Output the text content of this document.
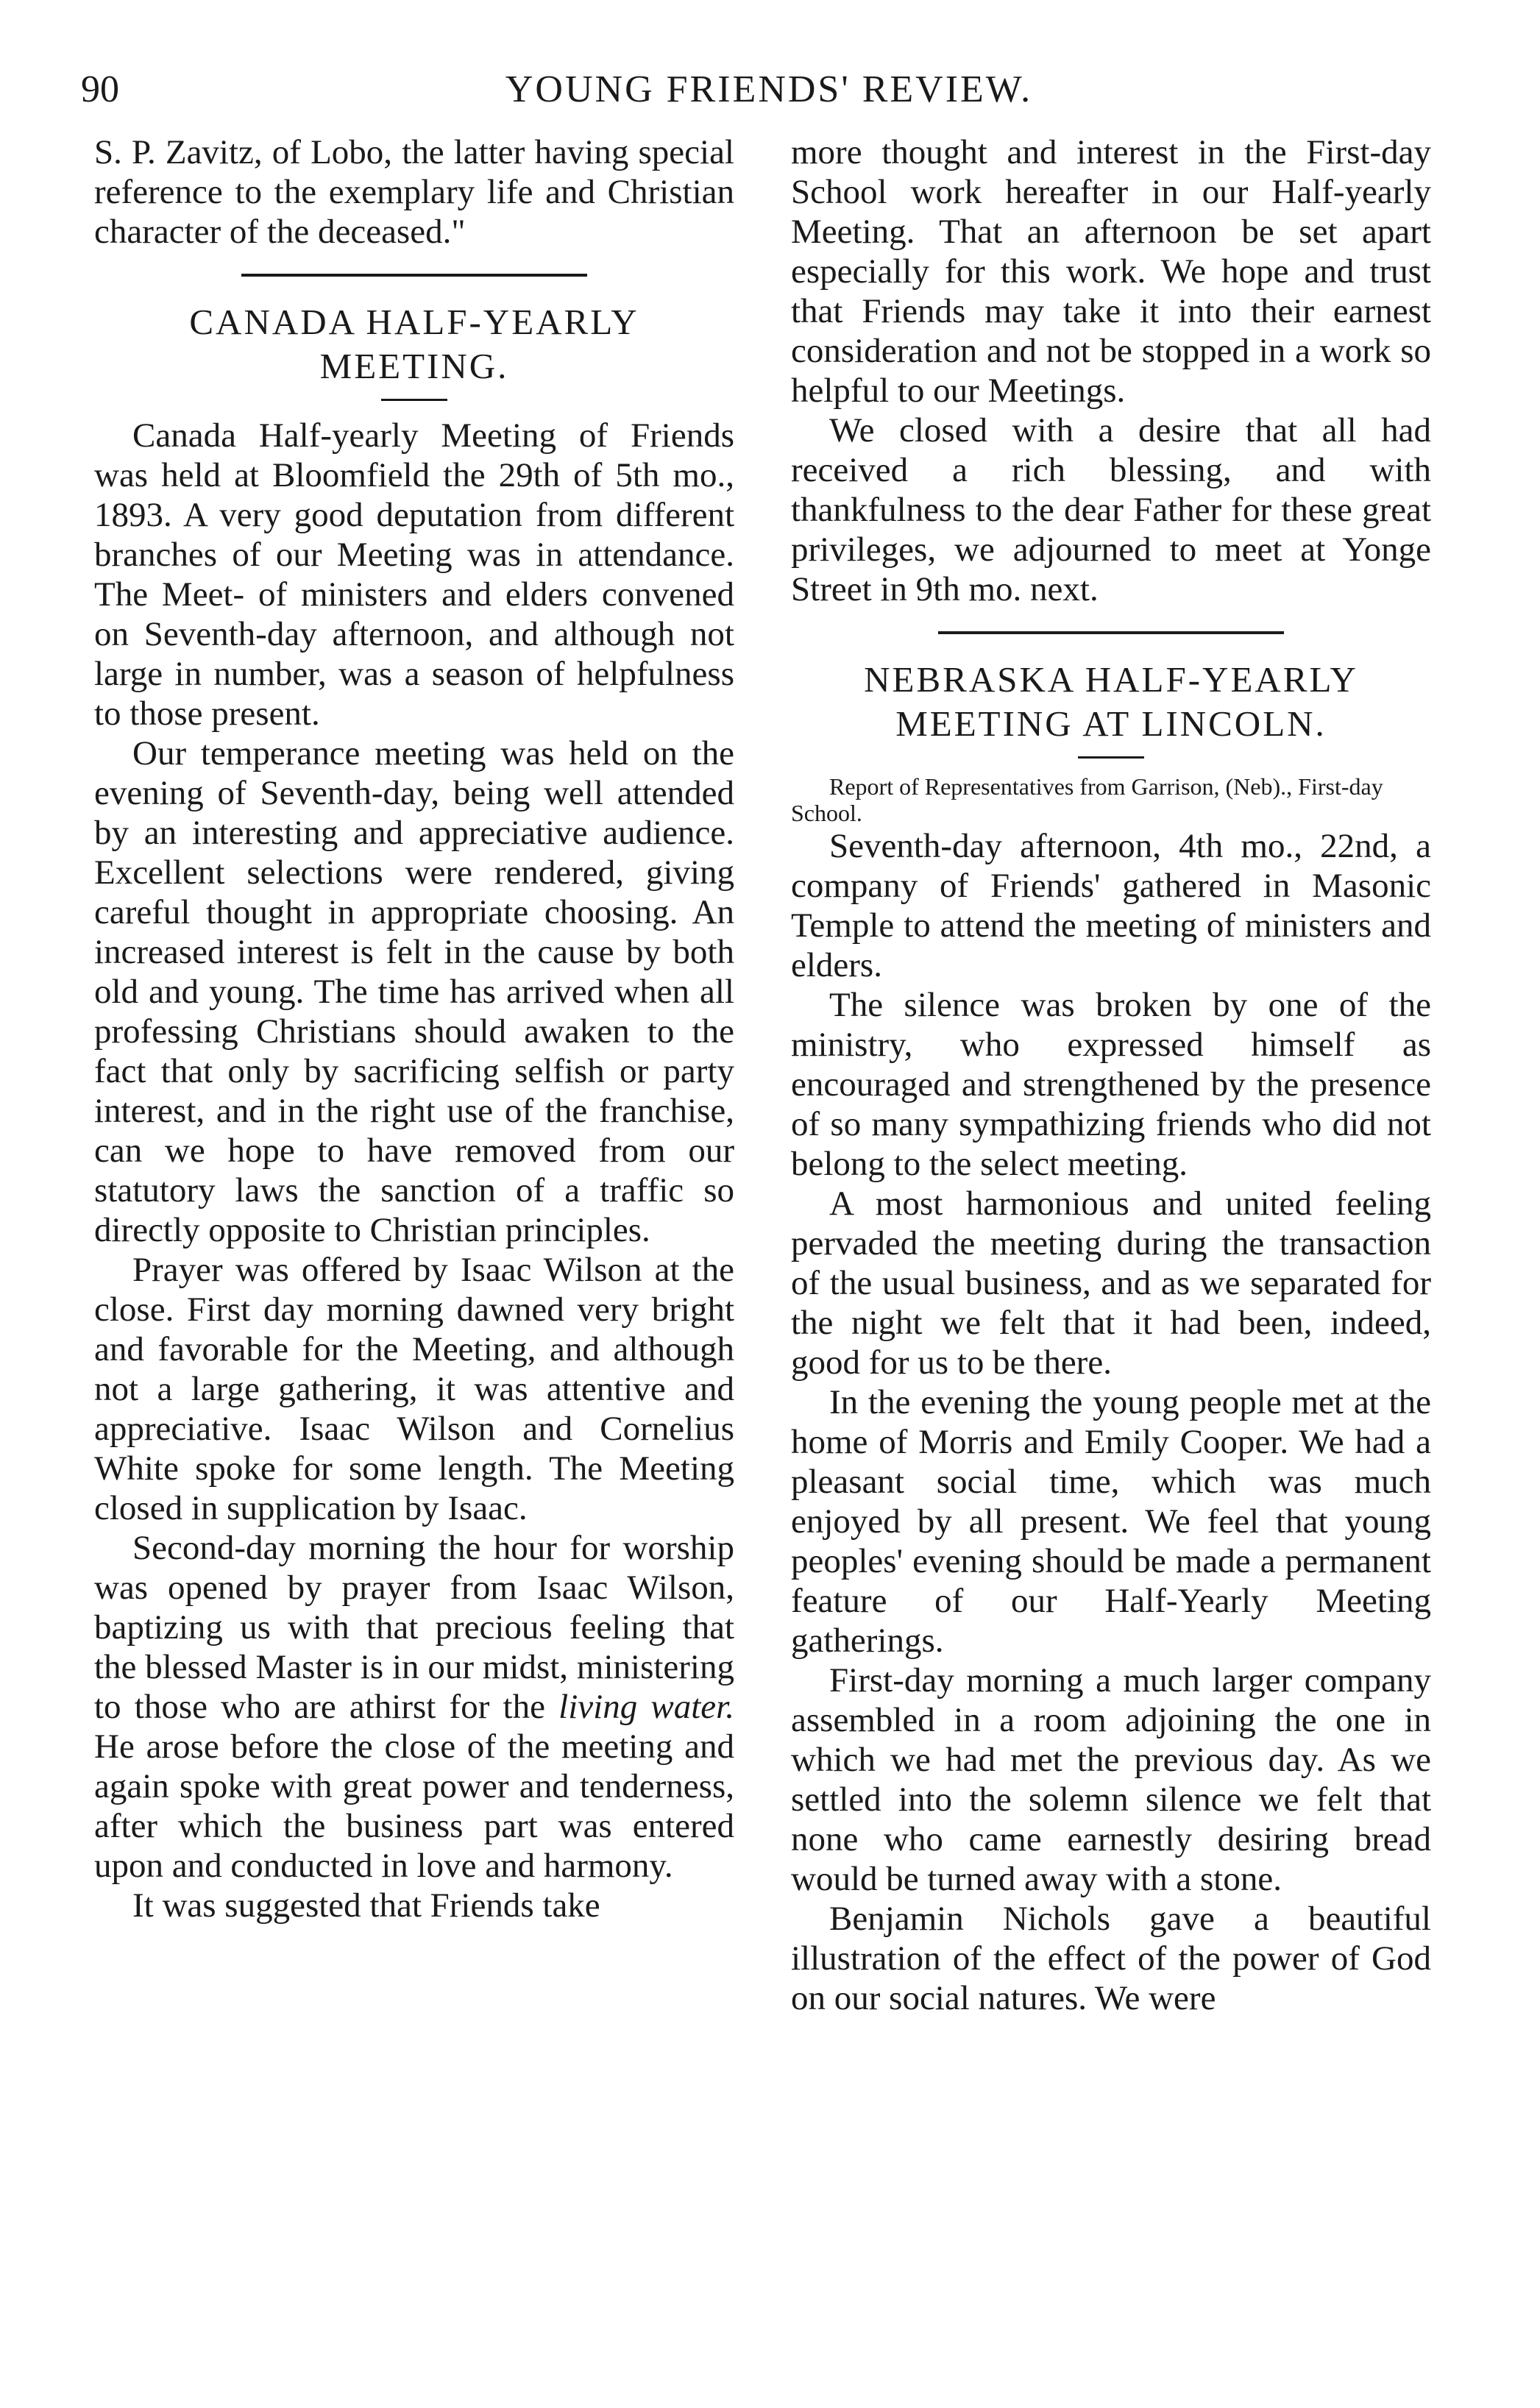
90	YOUNG FRIENDS' REVIEW.

S. P. Zavitz, of Lobo, the latter having special reference to the exemplary life and Christian character of the deceased."

CANADA HALF-YEARLY MEETING.

Canada Half-yearly Meeting of Friends was held at Bloomfield the 29th of 5th mo., 1893. A very good deputation from different branches of our Meeting was in attendance. The Meet- of ministers and elders convened on Seventh-day afternoon, and although not large in number, was a season of helpfulness to those present.

Our temperance meeting was held on the evening of Seventh-day, being well attended by an interesting and appreciative audience. Excellent selections were rendered, giving careful thought in appropriate choosing. An increased interest is felt in the cause by both old and young. The time has arrived when all professing Christians should awaken to the fact that only by sacrificing selfish or party interest, and in the right use of the franchise, can we hope to have removed from our statutory laws the sanction of a traffic so directly opposite to Christian principles.

Prayer was offered by Isaac Wilson at the close. First day morning dawned very bright and favorable for the Meeting, and although not a large gathering, it was attentive and appreciative. Isaac Wilson and Cornelius White spoke for some length. The Meeting closed in supplication by Isaac.

Second-day morning the hour for worship was opened by prayer from Isaac Wilson, baptizing us with that precious feeling that the blessed Master is in our midst, ministering to those who are athirst for the living water. He arose before the close of the meeting and again spoke with great power and tenderness, after which the business part was entered upon and conducted in love and harmony.

It was suggested that Friends take

more thought and interest in the First-day School work hereafter in our Half-yearly Meeting. That an afternoon be set apart especially for this work. We hope and trust that Friends may take it into their earnest consideration and not be stopped in a work so helpful to our Meetings.

We closed with a desire that all had received a rich blessing, and with thankfulness to the dear Father for these great privileges, we adjourned to meet at Yonge Street in 9th mo. next.

NEBRASKA HALF-YEARLY MEETING AT LINCOLN.

Report of Representatives from Garrison, (Neb)., First-day School.

Seventh-day afternoon, 4th mo., 22nd, a company of Friends' gathered in Masonic Temple to attend the meeting of ministers and elders.

The silence was broken by one of the ministry, who expressed himself as encouraged and strengthened by the presence of so many sympathizing friends who did not belong to the select meeting.

A most harmonious and united feeling pervaded the meeting during the transaction of the usual business, and as we separated for the night we felt that it had been, indeed, good for us to be there.

In the evening the young people met at the home of Morris and Emily Cooper. We had a pleasant social time, which was much enjoyed by all present. We feel that young peoples' evening should be made a permanent feature of our Half-Yearly Meeting gatherings.

First-day morning a much larger company assembled in a room adjoining the one in which we had met the previous day. As we settled into the solemn silence we felt that none who came earnestly desiring bread would be turned away with a stone.

Benjamin Nichols gave a beautiful illustration of the effect of the power of God on our social natures. We were
